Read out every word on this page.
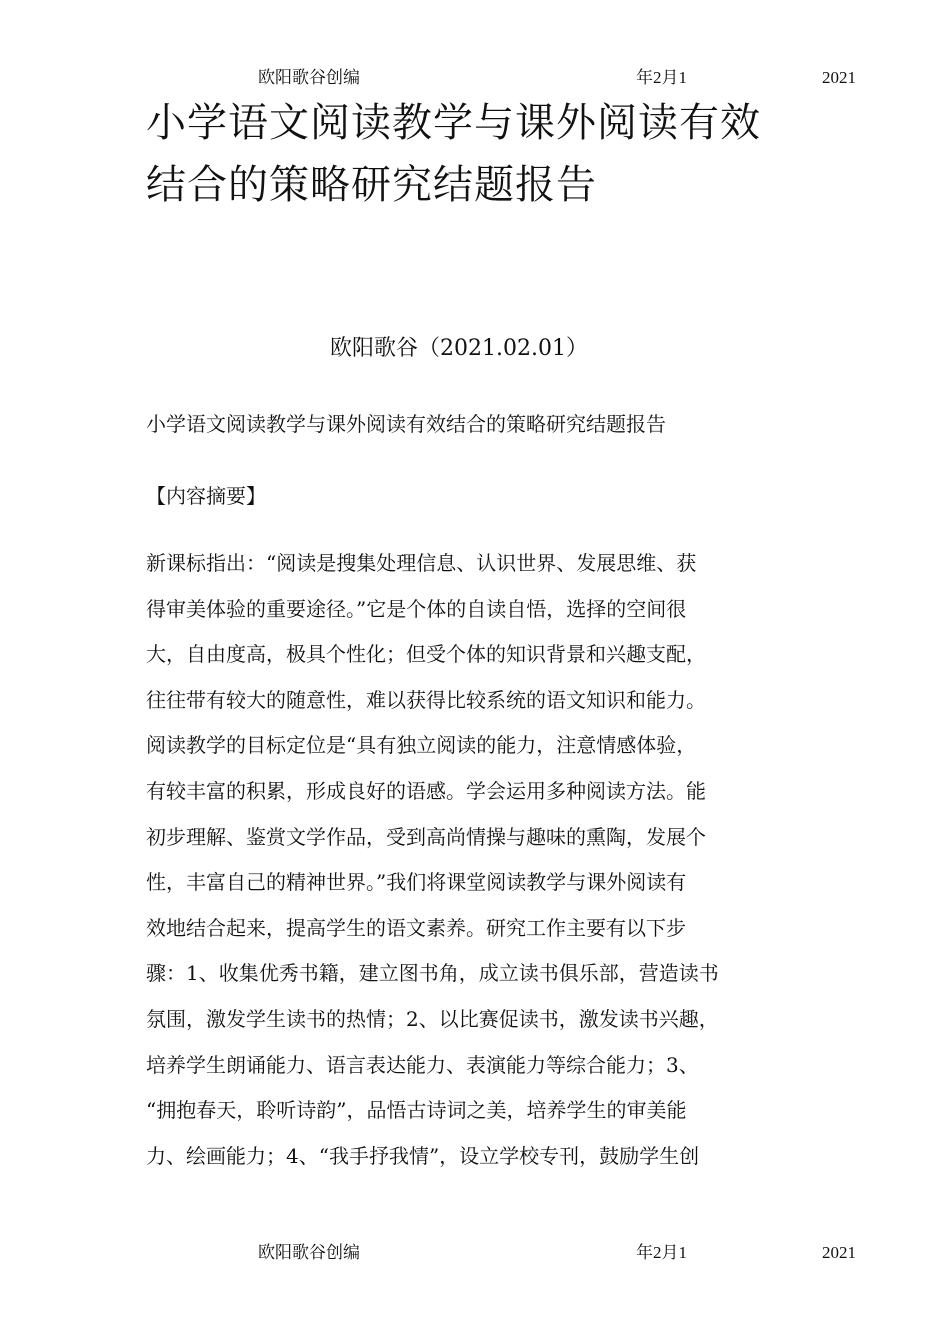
欧阳歌谷创编	年2月1	2021
小学语文阅读教学与课外阅读有效
结合的策略研究结题报告
欧阳歌谷（2021.02.01）
小学语文阅读教学与课外阅读有效结合的策略研究结题报告
【内容摘要】
新课标指出：“阅读是搜集处理信息、认识世界、发展思维、获
得审美体验的重要途径。”它是个体的自读自悟，选择的空间很
大，自由度高，极具个性化；但受个体的知识背景和兴趣支配，
往往带有较大的随意性，难以获得比较系统的语文知识和能力。
阅读教学的目标定位是“具有独立阅读的能力，注意情感体验，
有较丰富的积累，形成良好的语感。学会运用多种阅读方法。能
初步理解、鉴赏文学作品，受到高尚情操与趣味的熏陶，发展个
性，丰富自己的精神世界。”我们将课堂阅读教学与课外阅读有
效地结合起来，提高学生的语文素养。研究工作主要有以下步
骤：1、收集优秀书籍，建立图书角，成立读书俱乐部，营造读书
氛围，激发学生读书的热情；2、以比赛促读书，激发读书兴趣，
培养学生朗诵能力、语言表达能力、表演能力等综合能力；3、
“拥抱春天，聆听诗韵”，品悟古诗词之美，培养学生的审美能
力、绘画能力；4、“我手抒我情”，设立学校专刊，鼓励学生创
欧阳歌谷创编	年2月1	2021
